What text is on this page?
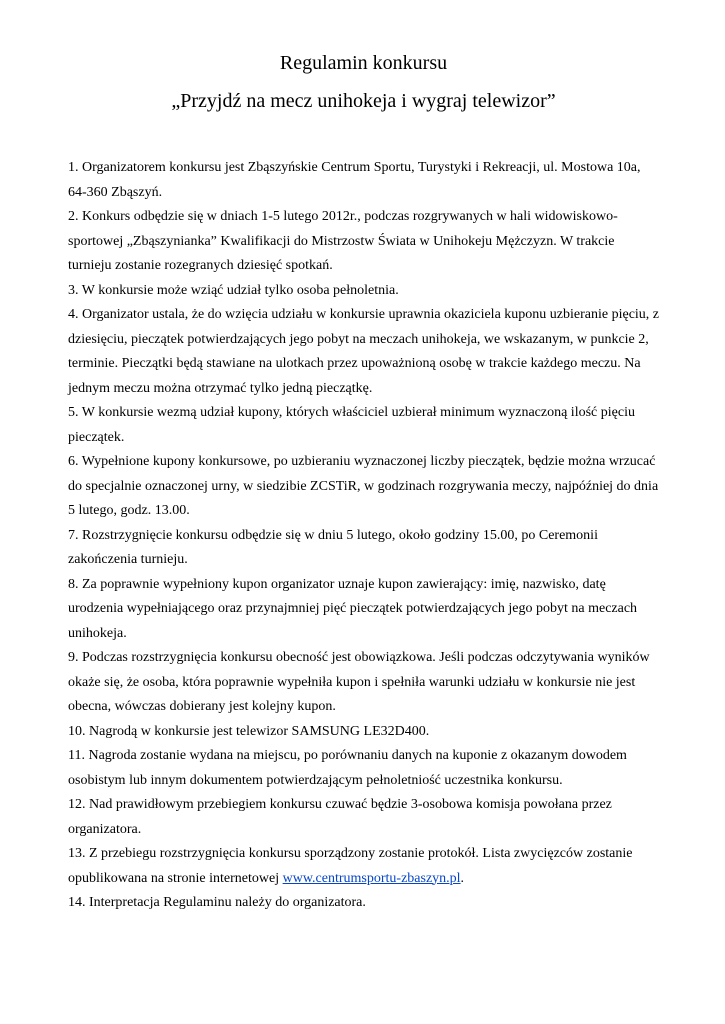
Regulamin konkursu
„Przyjdź na mecz unihokeja i wygraj telewizor”

1. Organizatorem konkursu jest Zbąszyńskie Centrum Sportu, Turystyki i Rekreacji, ul. Mostowa 10a, 64-360 Zbąszyń.

2. Konkurs odbędzie się w dniach 1-5 lutego 2012r., podczas rozgrywanych w hali widowiskowo-sportowej „Zbąszynianka” Kwalifikacji do Mistrzostw Świata w Unihokeju Mężczyzn. W trakcie turnieju zostanie rozegranych dziesięć spotkań.

3. W konkursie może wziąć udział tylko osoba pełnoletnia.

4. Organizator ustala, że do wzięcia udziału w konkursie uprawnia okaziciela kuponu uzbieranie pięciu, z dziesięciu, pieczątek potwierdzających jego pobyt na meczach unihokeja, we wskazanym, w punkcie 2, terminie. Pieczątki będą stawiane na ulotkach przez upoważnioną osobę w trakcie każdego meczu. Na jednym meczu można otrzymać tylko jedną pieczątkę.

5. W konkursie wezmą udział kupony, których właściciel uzbierał minimum wyznaczoną ilość pięciu pieczątek.

6. Wypełnione kupony konkursowe, po uzbieraniu wyznaczonej liczby pieczątek, będzie można wrzucać do specjalnie oznaczonej urny, w siedzibie ZCSTiR, w godzinach rozgrywania meczy, najpóźniej do dnia 5 lutego, godz. 13.00.

7. Rozstrzygnięcie konkursu odbędzie się w dniu 5 lutego, około godziny 15.00, po Ceremonii zakończenia turnieju.

8. Za poprawnie wypełniony kupon organizator uznaje kupon zawierający: imię, nazwisko, datę urodzenia wypełniającego oraz przynajmniej pięć pieczątek potwierdzających jego pobyt na meczach unihokeja.

9. Podczas rozstrzygnięcia konkursu obecność jest obowiązkowa. Jeśli podczas odczytywania wyników okaże się, że osoba, która poprawnie wypełniła kupon i spełniła warunki udziału w konkursie nie jest obecna, wówczas dobierany jest kolejny kupon.

10. Nagrodą w konkursie jest telewizor SAMSUNG LE32D400.

11. Nagroda zostanie wydana na miejscu, po porównaniu danych na kuponie z okazanym dowodem osobistym lub innym dokumentem potwierdzającym pełnoletniość uczestnika konkursu.

12. Nad prawidłowym przebiegiem konkursu czuwać będzie 3-osobowa komisja powołana przez organizatora.

13. Z przebiegu rozstrzygnięcia konkursu sporządzony zostanie protokół. Lista zwycięzców zostanie opublikowana na stronie internetowej www.centrumsportu-zbaszyn.pl.

14. Interpretacja Regulaminu należy do organizatora.
